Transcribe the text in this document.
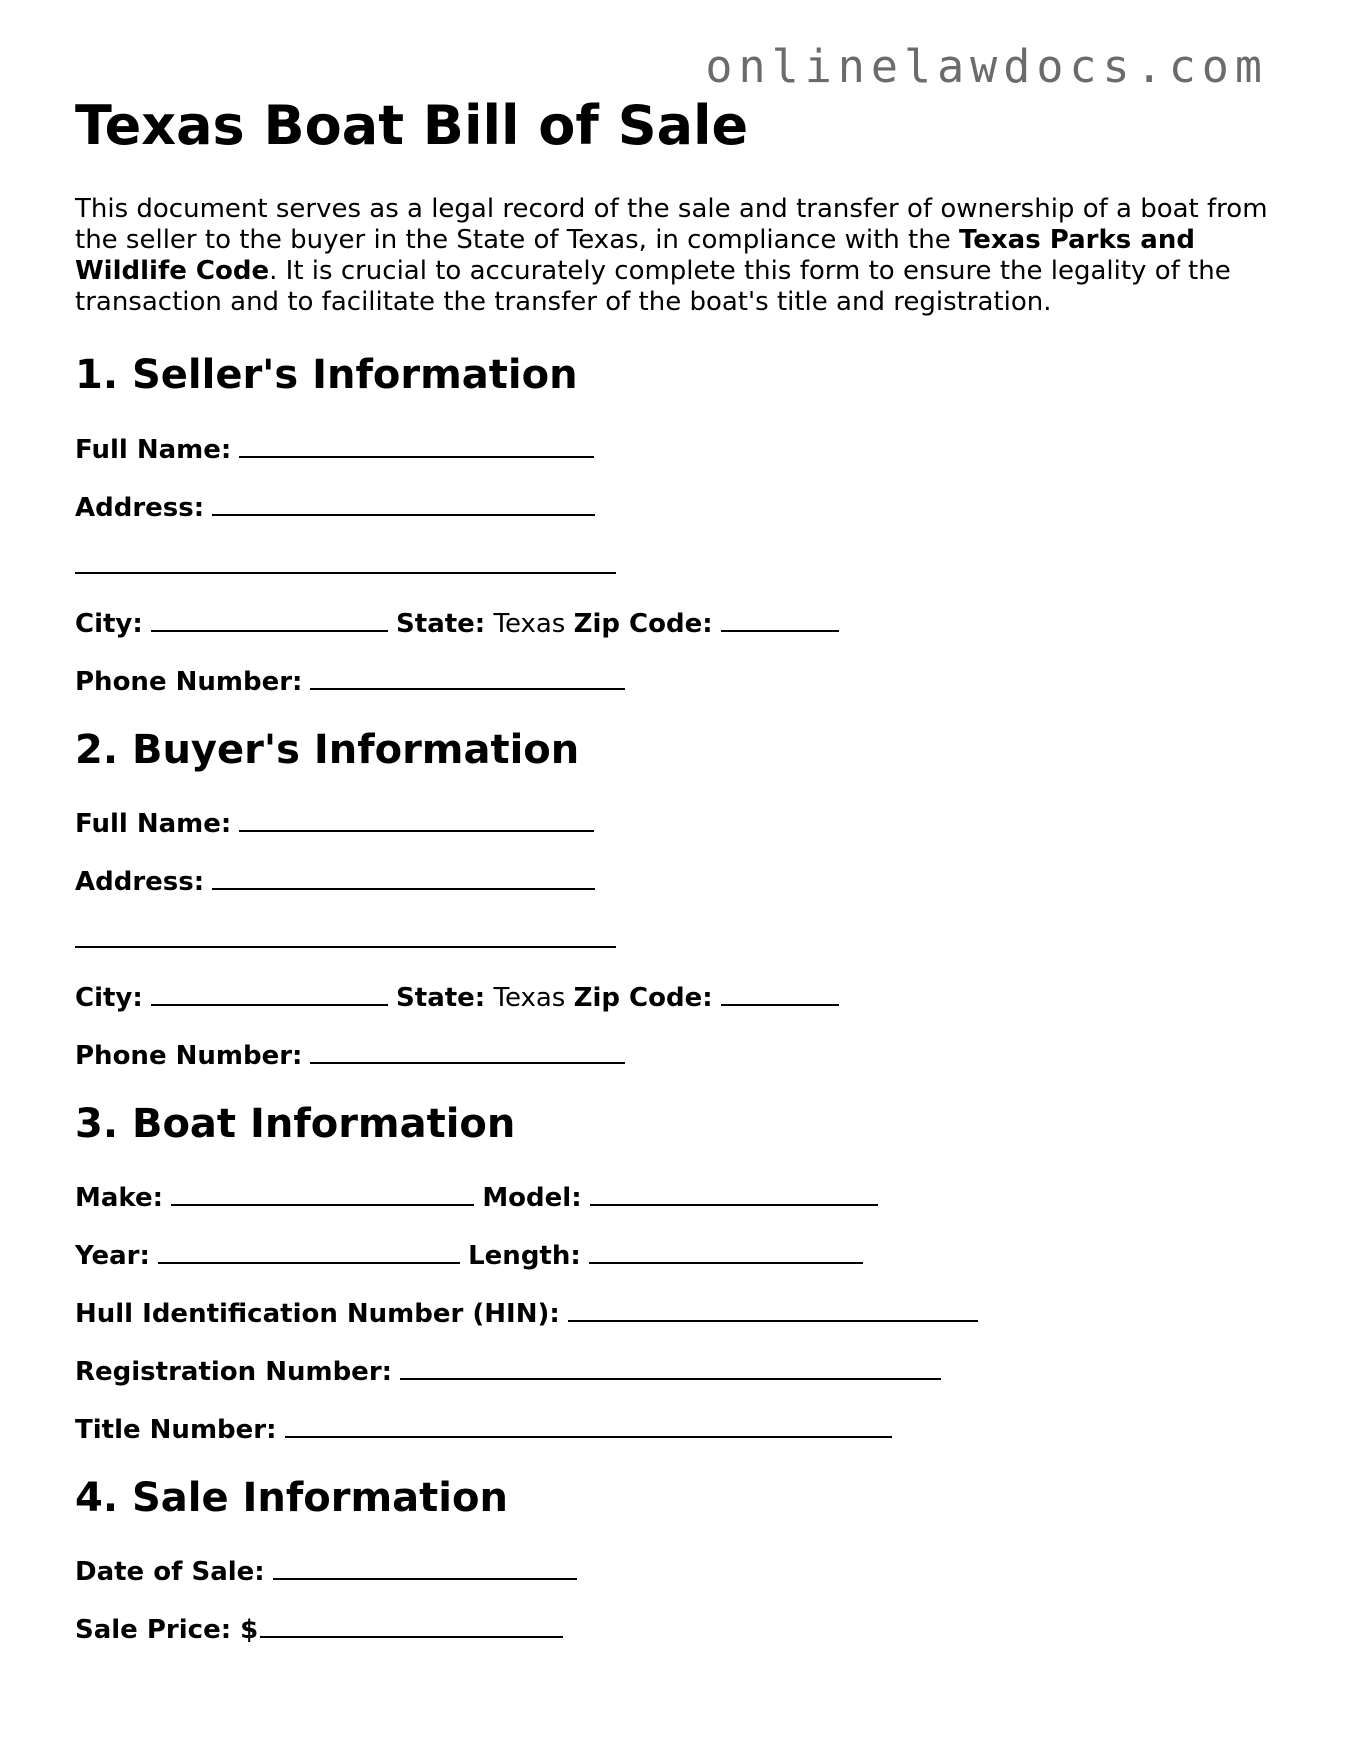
onlinelawdocs.com
Texas Boat Bill of Sale

This document serves as a legal record of the sale and transfer of ownership of a boat from the seller to the buyer in the State of Texas, in compliance with the Texas Parks and Wildlife Code. It is crucial to accurately complete this form to ensure the legality of the transaction and to facilitate the transfer of the boat's title and registration.

1. Seller's Information
Full Name:
Address:
City:	State: Texas Zip Code:
Phone Number:
2. Buyer's Information
Full Name:
Address:
City:	State: Texas Zip Code:
Phone Number:
3. Boat Information
Make:	Model:
Year:	Length:
Hull Identification Number (HIN):
Registration Number:
Title Number:
4. Sale Information
Date of Sale:
Sale Price: $
